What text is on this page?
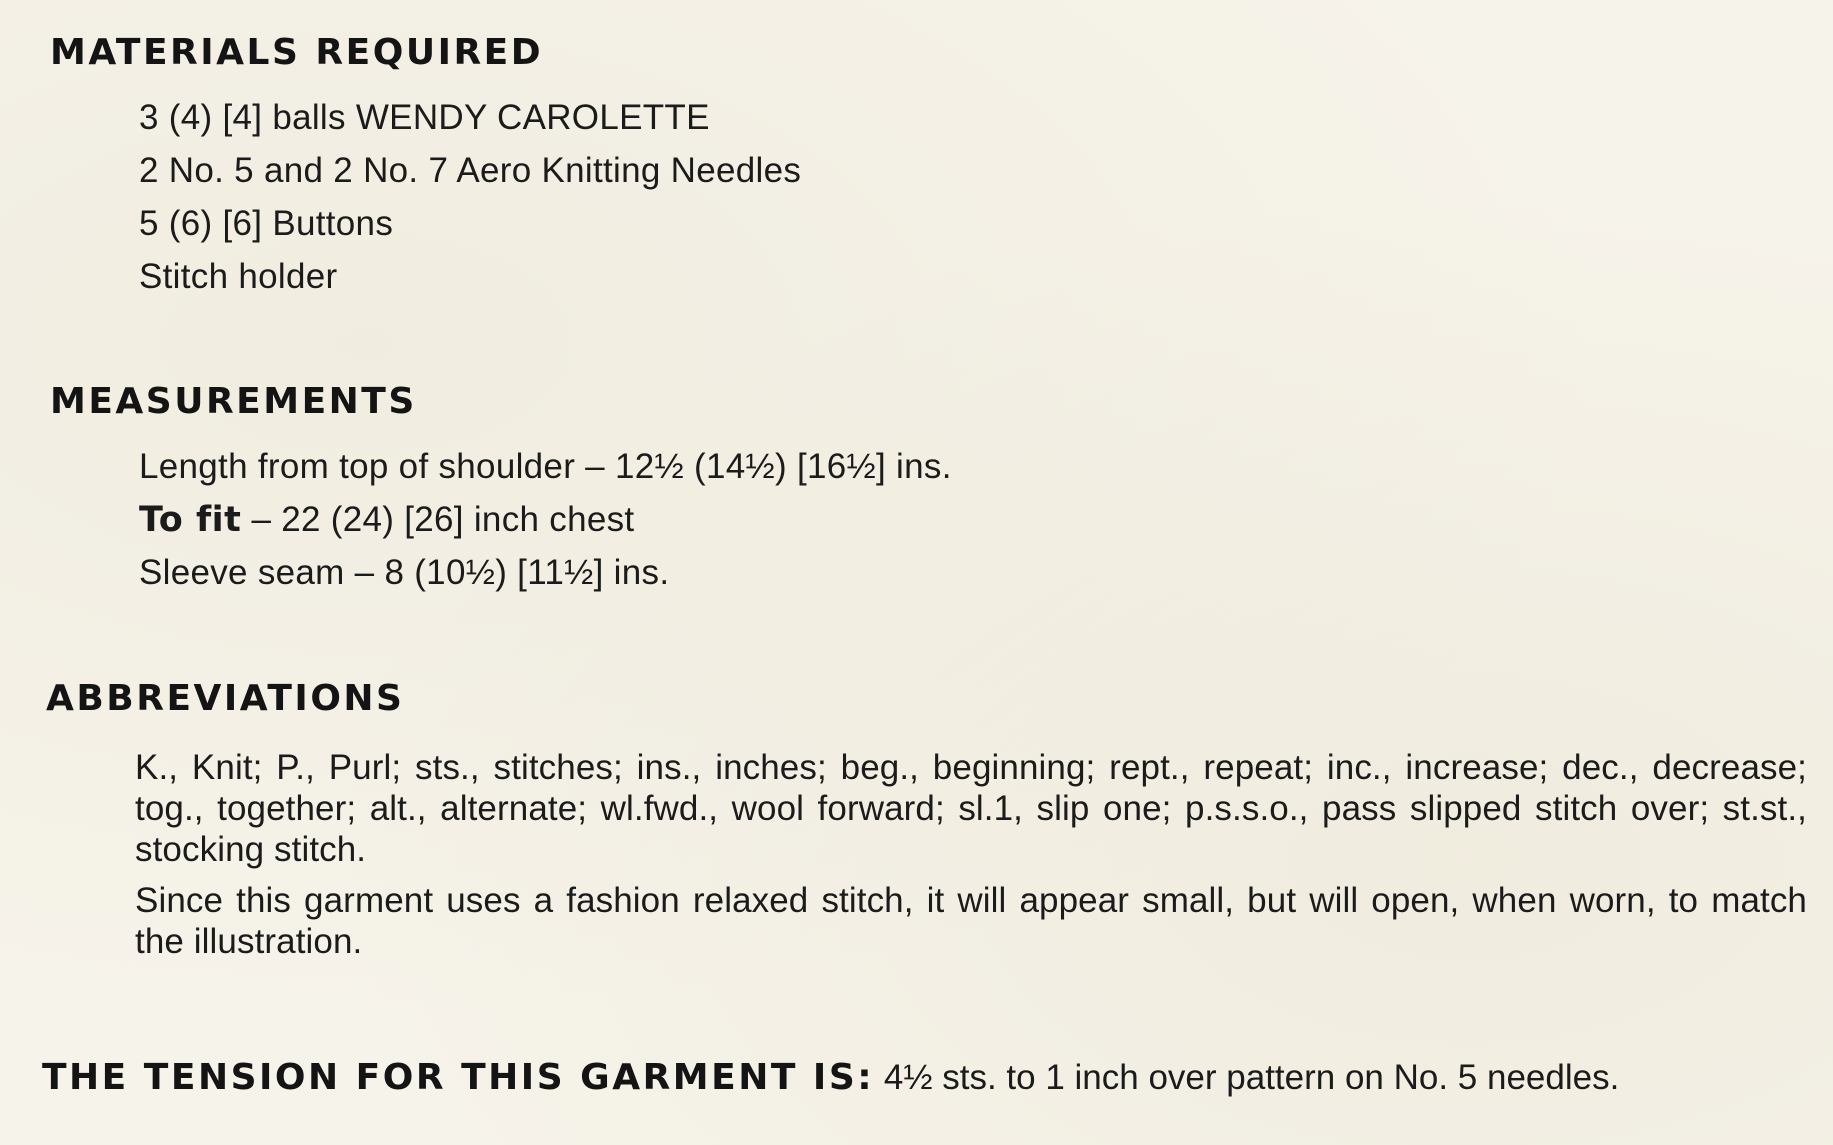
MATERIALS REQUIRED
3 (4) [4] balls WENDY CAROLETTE
2 No. 5 and 2 No. 7 Aero Knitting Needles
5 (6) [6] Buttons
Stitch holder
MEASUREMENTS
Length from top of shoulder – 12½ (14½) [16½] ins.
To fit – 22 (24) [26] inch chest
Sleeve seam – 8 (10½) [11½] ins.
ABBREVIATIONS
K., Knit; P., Purl; sts., stitches; ins., inches; beg., beginning; rept., repeat; inc., increase; dec., decrease; tog., together; alt., alternate; wl.fwd., wool forward; sl.1, slip one; p.s.s.o., pass slipped stitch over; st.st., stocking stitch.
Since this garment uses a fashion relaxed stitch, it will appear small, but will open, when worn, to match the illustration.
THE TENSION FOR THIS GARMENT IS: 4½ sts. to 1 inch over pattern on No. 5 needles.
